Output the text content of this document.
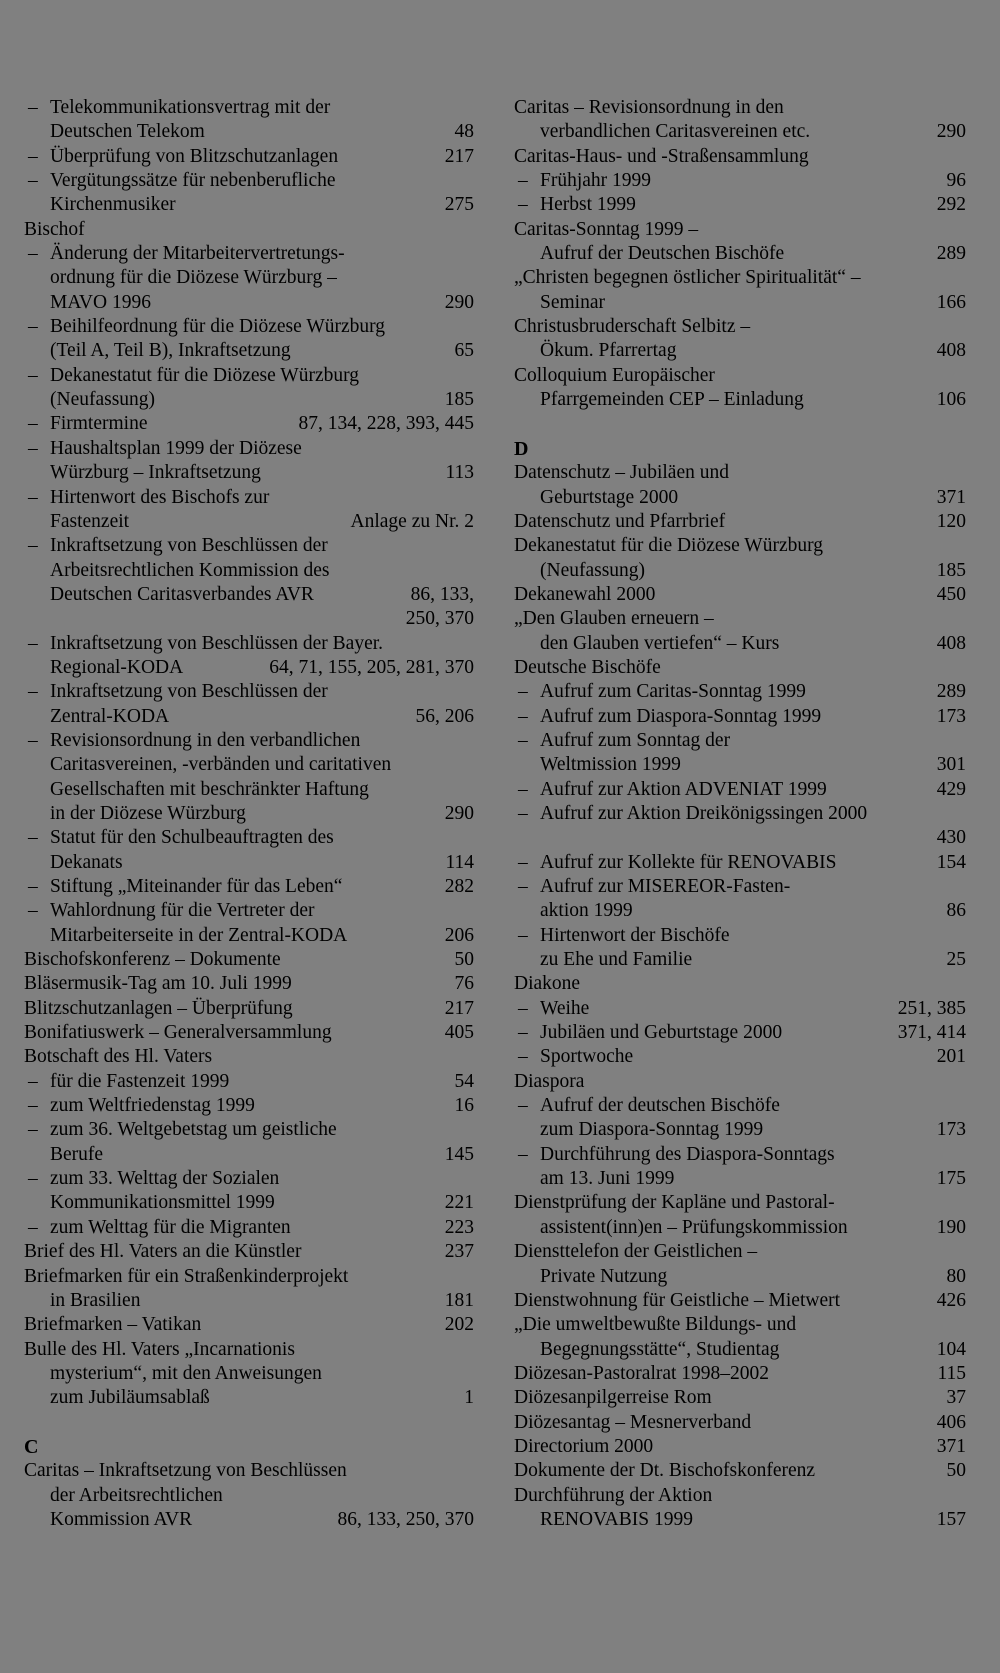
– Telekommunikationsvertrag mit der
Deutschen Telekom	48
– Überprüfung von Blitzschutzanlagen	217
– Vergütungssätze für nebenberufliche
Kirchenmusiker	275
Bischof
– Änderung der Mitarbeitervertretungs-
ordnung für die Diözese Würzburg –
MAVO 1996	290
– Beihilfeordnung für die Diözese Würzburg
(Teil A, Teil B), Inkraftsetzung	65
– Dekanestatut für die Diözese Würzburg
(Neufassung)	185
– Firmtermine	87, 134, 228, 393, 445
– Haushaltsplan 1999 der Diözese
Würzburg – Inkraftsetzung	113
– Hirtenwort des Bischofs zur
Fastenzeit	Anlage zu Nr. 2
– Inkraftsetzung von Beschlüssen der
Arbeitsrechtlichen Kommission des
Deutschen Caritasverbandes AVR	86, 133,
250, 370
– Inkraftsetzung von Beschlüssen der Bayer.
Regional-KODA	64, 71, 155, 205, 281, 370
– Inkraftsetzung von Beschlüssen der
Zentral-KODA	56, 206
– Revisionsordnung in den verbandlichen
Caritasvereinen, -verbänden und caritativen
Gesellschaften mit beschränkter Haftung
in der Diözese Würzburg	290
– Statut für den Schulbeauftragten des
Dekanats	114
– Stiftung „Miteinander für das Leben“	282
– Wahlordnung für die Vertreter der
Mitarbeiterseite in der Zentral-KODA	206
Bischofskonferenz – Dokumente	50
Bläsermusik-Tag am 10. Juli 1999	76
Blitzschutzanlagen – Überprüfung	217
Bonifatiuswerk – Generalversammlung	405
Botschaft des Hl. Vaters
– für die Fastenzeit 1999	54
– zum Weltfriedenstag 1999	16
– zum 36. Weltgebetstag um geistliche
Berufe	145
– zum 33. Welttag der Sozialen
Kommunikationsmittel 1999	221
– zum Welttag für die Migranten	223
Brief des Hl. Vaters an die Künstler	237
Briefmarken für ein Straßenkinderprojekt
in Brasilien	181
Briefmarken – Vatikan	202
Bulle des Hl. Vaters „Incarnationis
mysterium“, mit den Anweisungen
zum Jubiläumsablaß	1
C
Caritas – Inkraftsetzung von Beschlüssen
der Arbeitsrechtlichen
Kommission AVR	86, 133, 250, 370
Caritas – Revisionsordnung in den
verbandlichen Caritasvereinen etc.	290
Caritas-Haus- und -Straßensammlung
– Frühjahr 1999	96
– Herbst 1999	292
Caritas-Sonntag 1999 –
Aufruf der Deutschen Bischöfe	289
„Christen begegnen östlicher Spiritualität“ –
Seminar	166
Christusbruderschaft Selbitz –
Ökum. Pfarrertag	408
Colloquium Europäischer
Pfarrgemeinden CEP – Einladung	106
D
Datenschutz – Jubiläen und
Geburtstage 2000	371
Datenschutz und Pfarrbrief	120
Dekanestatut für die Diözese Würzburg
(Neufassung)	185
Dekanewahl 2000	450
„Den Glauben erneuern –
den Glauben vertiefen“ – Kurs	408
Deutsche Bischöfe
– Aufruf zum Caritas-Sonntag 1999	289
– Aufruf zum Diaspora-Sonntag 1999	173
– Aufruf zum Sonntag der
Weltmission 1999	301
– Aufruf zur Aktion ADVENIAT 1999	429
– Aufruf zur Aktion Dreikönigssingen 2000
430
– Aufruf zur Kollekte für RENOVABIS	154
– Aufruf zur MISEREOR-Fasten-
aktion 1999	86
– Hirtenwort der Bischöfe
zu Ehe und Familie	25
Diakone
– Weihe	251, 385
– Jubiläen und Geburtstage 2000	371, 414
– Sportwoche	201
Diaspora
– Aufruf der deutschen Bischöfe
zum Diaspora-Sonntag 1999	173
– Durchführung des Diaspora-Sonntags
am 13. Juni 1999	175
Dienstprüfung der Kapläne und Pastoral-
assistent(inn)en – Prüfungskommission	190
Diensttelefon der Geistlichen –
Private Nutzung	80
Dienstwohnung für Geistliche – Mietwert	426
„Die umweltbewußte Bildungs- und
Begegnungsstätte“, Studientag	104
Diözesan-Pastoralrat 1998–2002	115
Diözesanpilgerreise Rom	37
Diözesantag – Mesnerverband	406
Directorium 2000	371
Dokumente der Dt. Bischofskonferenz	50
Durchführung der Aktion
RENOVABIS 1999	157
